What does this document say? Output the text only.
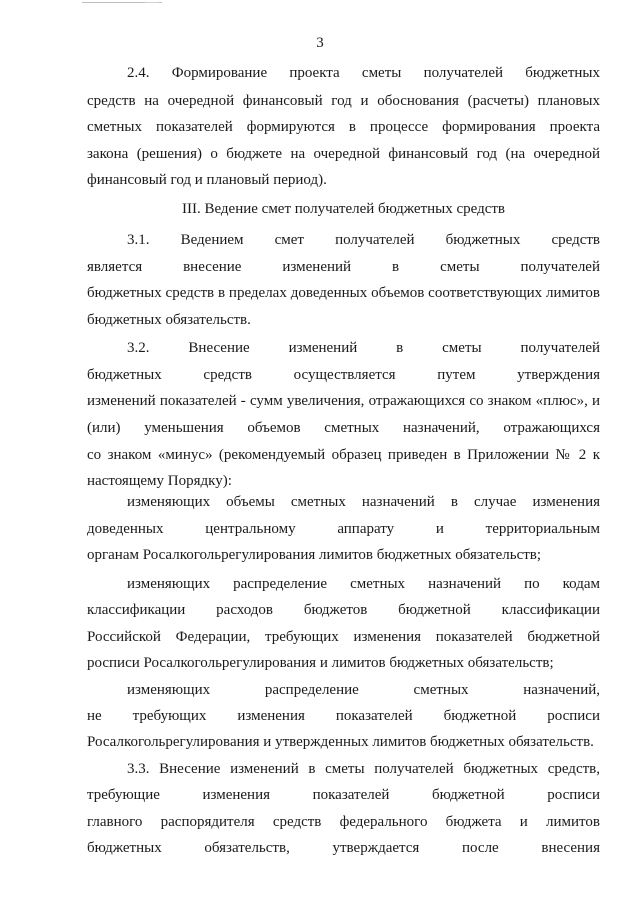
3
2.4. Формирование проекта сметы получателей бюджетных
средств на очередной финансовый год и обоснования (расчеты) плановых
сметных показателей формируются в процессе формирования проекта
закона (решения) о бюджете на очередной финансовый год (на очередной
финансовый год и плановый период).
III. Ведение смет получателей бюджетных средств
3.1. Ведением смет получателей бюджетных средств
является внесение изменений в сметы получателей
бюджетных средств в пределах доведенных объемов соответствующих лимитов
бюджетных обязательств.
3.2. Внесение изменений в сметы получателей
бюджетных средств осуществляется путем утверждения
изменений показателей - сумм увеличения, отражающихся со знаком «плюс», и
(или) уменьшения объемов сметных назначений, отражающихся
со знаком «минус» (рекомендуемый образец приведен в Приложении № 2 к
настоящему Порядку):
изменяющих объемы сметных назначений в случае изменения
доведенных центральному аппарату и территориальным
органам Росалкогольрегулирования лимитов бюджетных обязательств;
изменяющих распределение сметных назначений по кодам
классификации расходов бюджетов бюджетной классификации
Российской Федерации, требующих изменения показателей бюджетной
росписи Росалкогольрегулирования и лимитов бюджетных обязательств;
изменяющих распределение сметных назначений,
не требующих изменения показателей бюджетной росписи
Росалкогольрегулирования и утвержденных лимитов бюджетных обязательств.
3.3. Внесение изменений в сметы получателей бюджетных средств,
требующие изменения показателей бюджетной росписи
главного распорядителя средств федерального бюджета и лимитов
бюджетных обязательств, утверждается после внесения
